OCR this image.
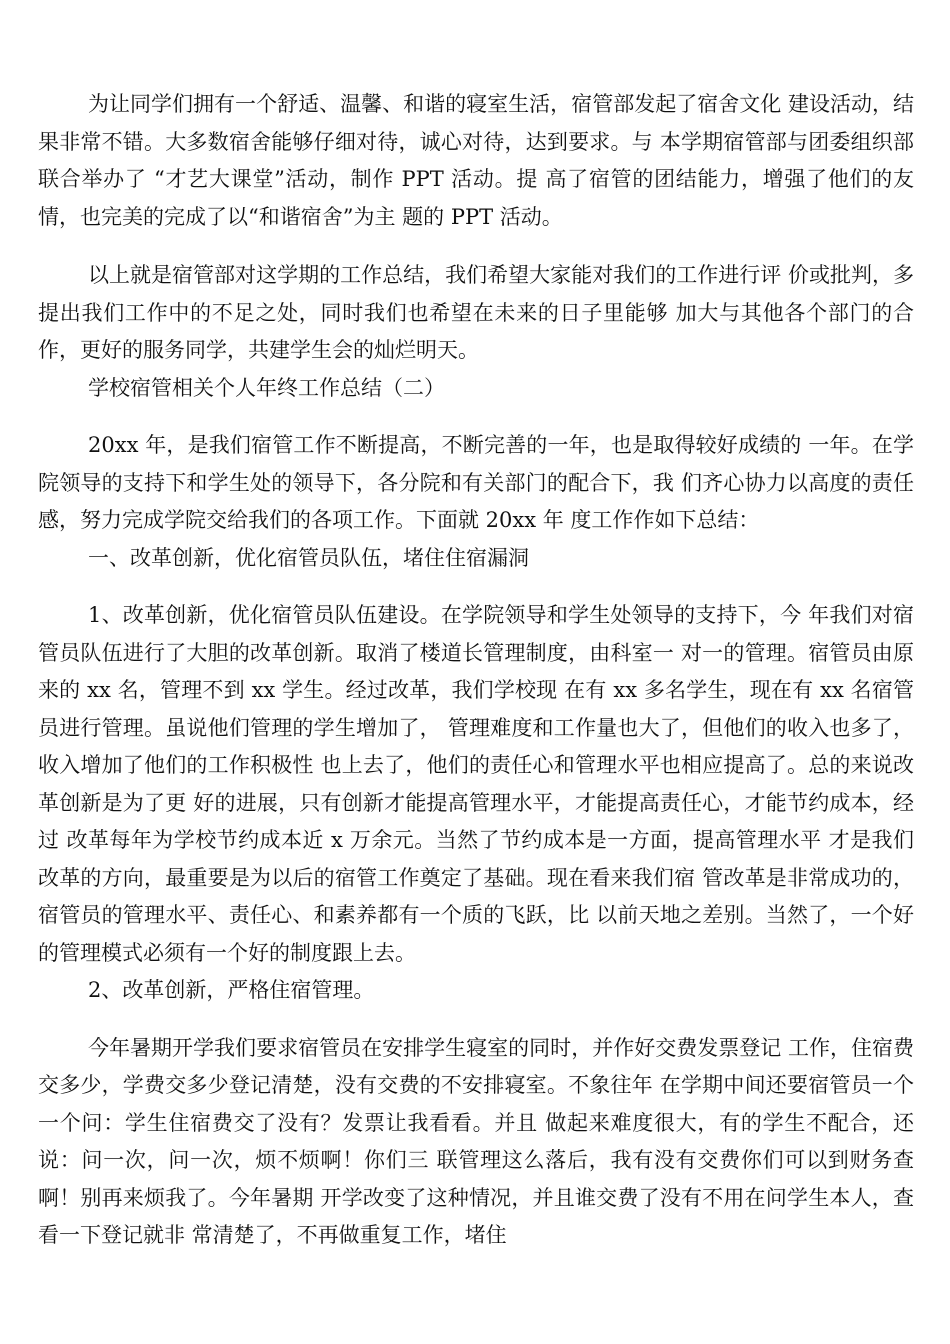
为让同学们拥有一个舒适、温馨、和谐的寝室生活，宿管部发起了宿舍文化 建设活动，结果非常不错。大多数宿舍能够仔细对待，诚心对待，达到要求。与 本学期宿管部与团委组织部联合举办了 “才艺大课堂”活动，制作 PPT 活动。提 高了宿管的团结能力，增强了他们的友情，也完美的完成了以“和谐宿舍”为主 题的 PPT 活动。

以上就是宿管部对这学期的工作总结，我们希望大家能对我们的工作进行评 价或批判，多提出我们工作中的不足之处，同时我们也希望在未来的日子里能够 加大与其他各个部门的合作，更好的服务同学，共建学生会的灿烂明天。

学校宿管相关个人年终工作总结（二）

20xx 年，是我们宿管工作不断提高，不断完善的一年，也是取得较好成绩的 一年。在学院领导的支持下和学生处的领导下，各分院和有关部门的配合下，我 们齐心协力以高度的责任感，努力完成学院交给我们的各项工作。下面就 20xx 年 度工作作如下总结：

一、改革创新，优化宿管员队伍，堵住住宿漏洞

1、改革创新，优化宿管员队伍建设。在学院领导和学生处领导的支持下，今 年我们对宿管员队伍进行了大胆的改革创新。取消了楼道长管理制度，由科室一 对一的管理。宿管员由原来的 xx 名，管理不到 xx 学生。经过改革，我们学校现 在有 xx 多名学生，现在有 xx 名宿管员进行管理。虽说他们管理的学生增加了， 管理难度和工作量也大了，但他们的收入也多了，收入增加了他们的工作积极性 也上去了，他们的责任心和管理水平也相应提高了。总的来说改革创新是为了更 好的进展，只有创新才能提高管理水平，才能提高责任心，才能节约成本，经过 改革每年为学校节约成本近 x 万余元。当然了节约成本是一方面，提高管理水平 才是我们改革的方向，最重要是为以后的宿管工作奠定了基础。现在看来我们宿 管改革是非常成功的，宿管员的管理水平、责任心、和素养都有一个质的飞跃，比 以前天地之差别。当然了，一个好的管理模式必须有一个好的制度跟上去。

2、改革创新，严格住宿管理。

今年暑期开学我们要求宿管员在安排学生寝室的同时，并作好交费发票登记 工作，住宿费交多少，学费交多少登记清楚，没有交费的不安排寝室。不象往年 在学期中间还要宿管员一个一个问：学生住宿费交了没有？发票让我看看。并且 做起来难度很大，有的学生不配合，还说：问一次，问一次，烦不烦啊！你们三 联管理这么落后，我有没有交费你们可以到财务查啊！别再来烦我了。今年暑期 开学改变了这种情况，并且谁交费了没有不用在问学生本人，查看一下登记就非 常清楚了，不再做重复工作，堵住
